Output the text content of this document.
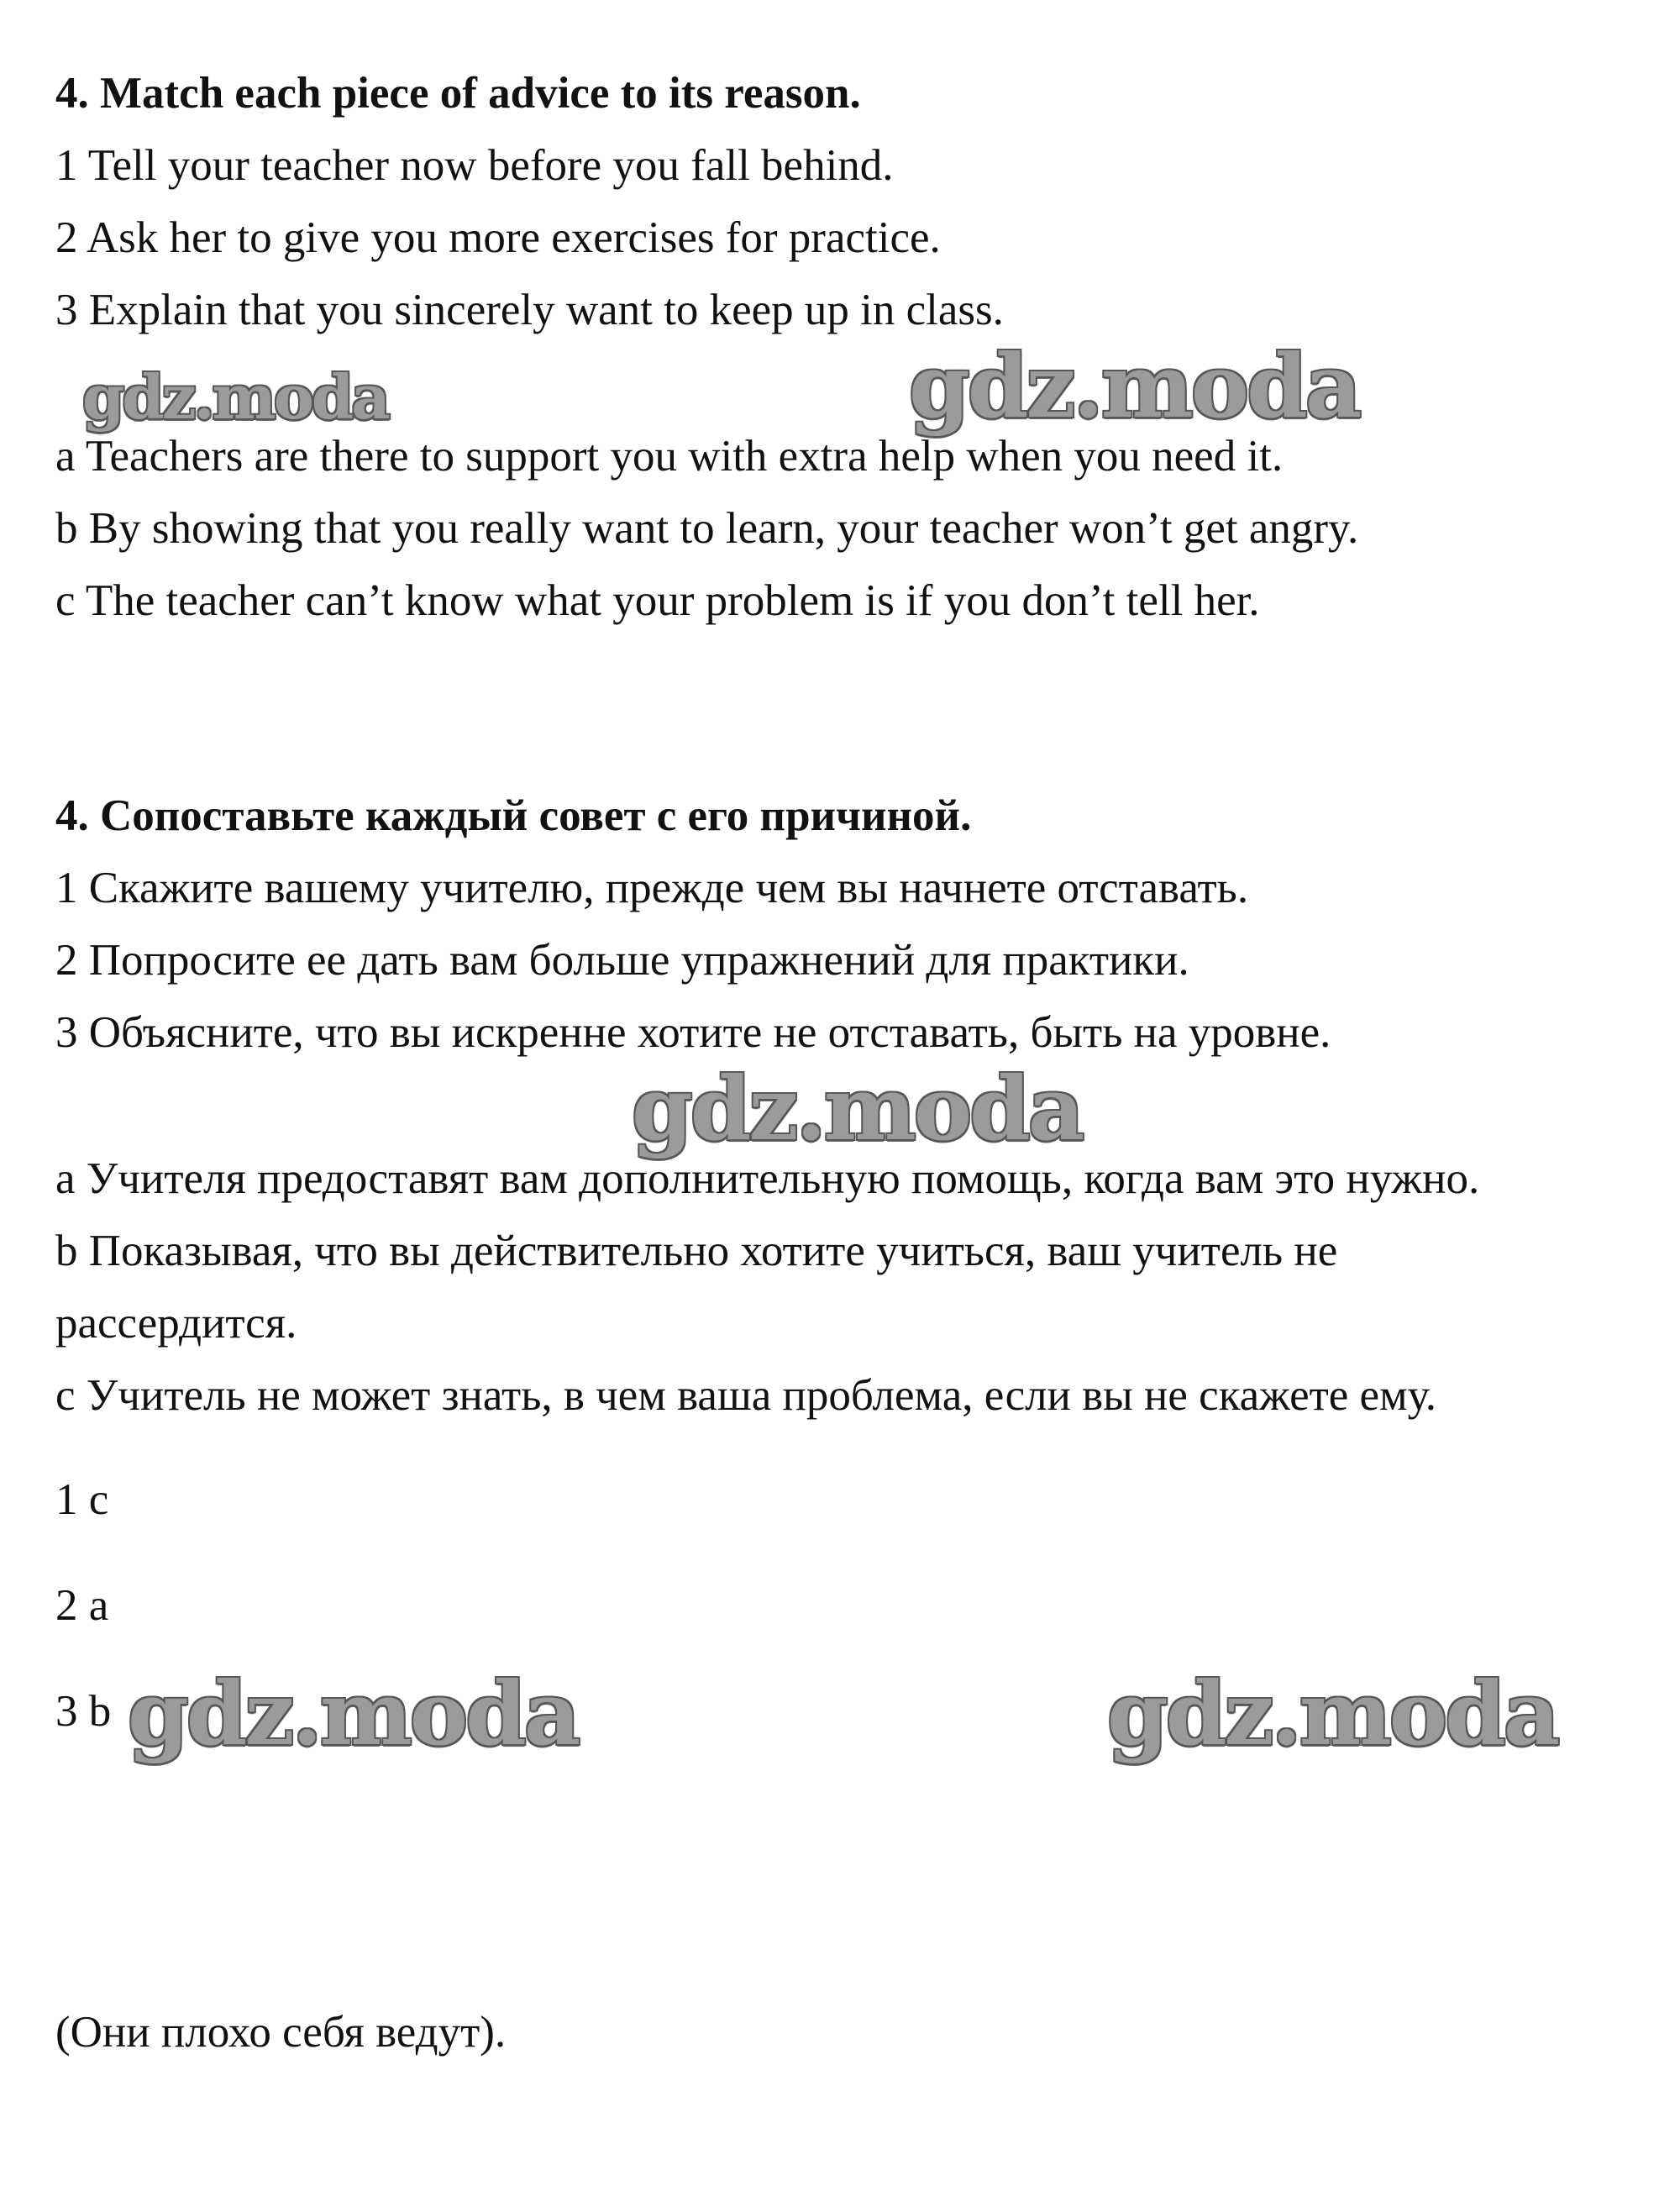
4. Match each piece of advice to its reason.
1 Tell your teacher now before you fall behind.
2 Ask her to give you more exercises for practice.
3 Explain that you sincerely want to keep up in class.
gdz.moda	gdz.moda
a Teachers are there to support you with extra help when you need it.
b By showing that you really want to learn, your teacher won’t get angry.
c The teacher can’t know what your problem is if you don’t tell her.
4. Сопоставьте каждый совет с его причиной.
1 Скажите вашему учителю, прежде чем вы начнете отставать.
2 Попросите ее дать вам больше упражнений для практики.
3 Объясните, что вы искренне хотите не отставать, быть на уровне.
gdz.moda
a Учителя предоставят вам дополнительную помощь, когда вам это нужно.
b Показывая, что вы действительно хотите учиться, ваш учитель не
рассердится.
c Учитель не может знать, в чем ваша проблема, если вы не скажете ему.
1 c
2 a
3 b gdz.moda	gdz.moda
(Они плохо себя ведут).
